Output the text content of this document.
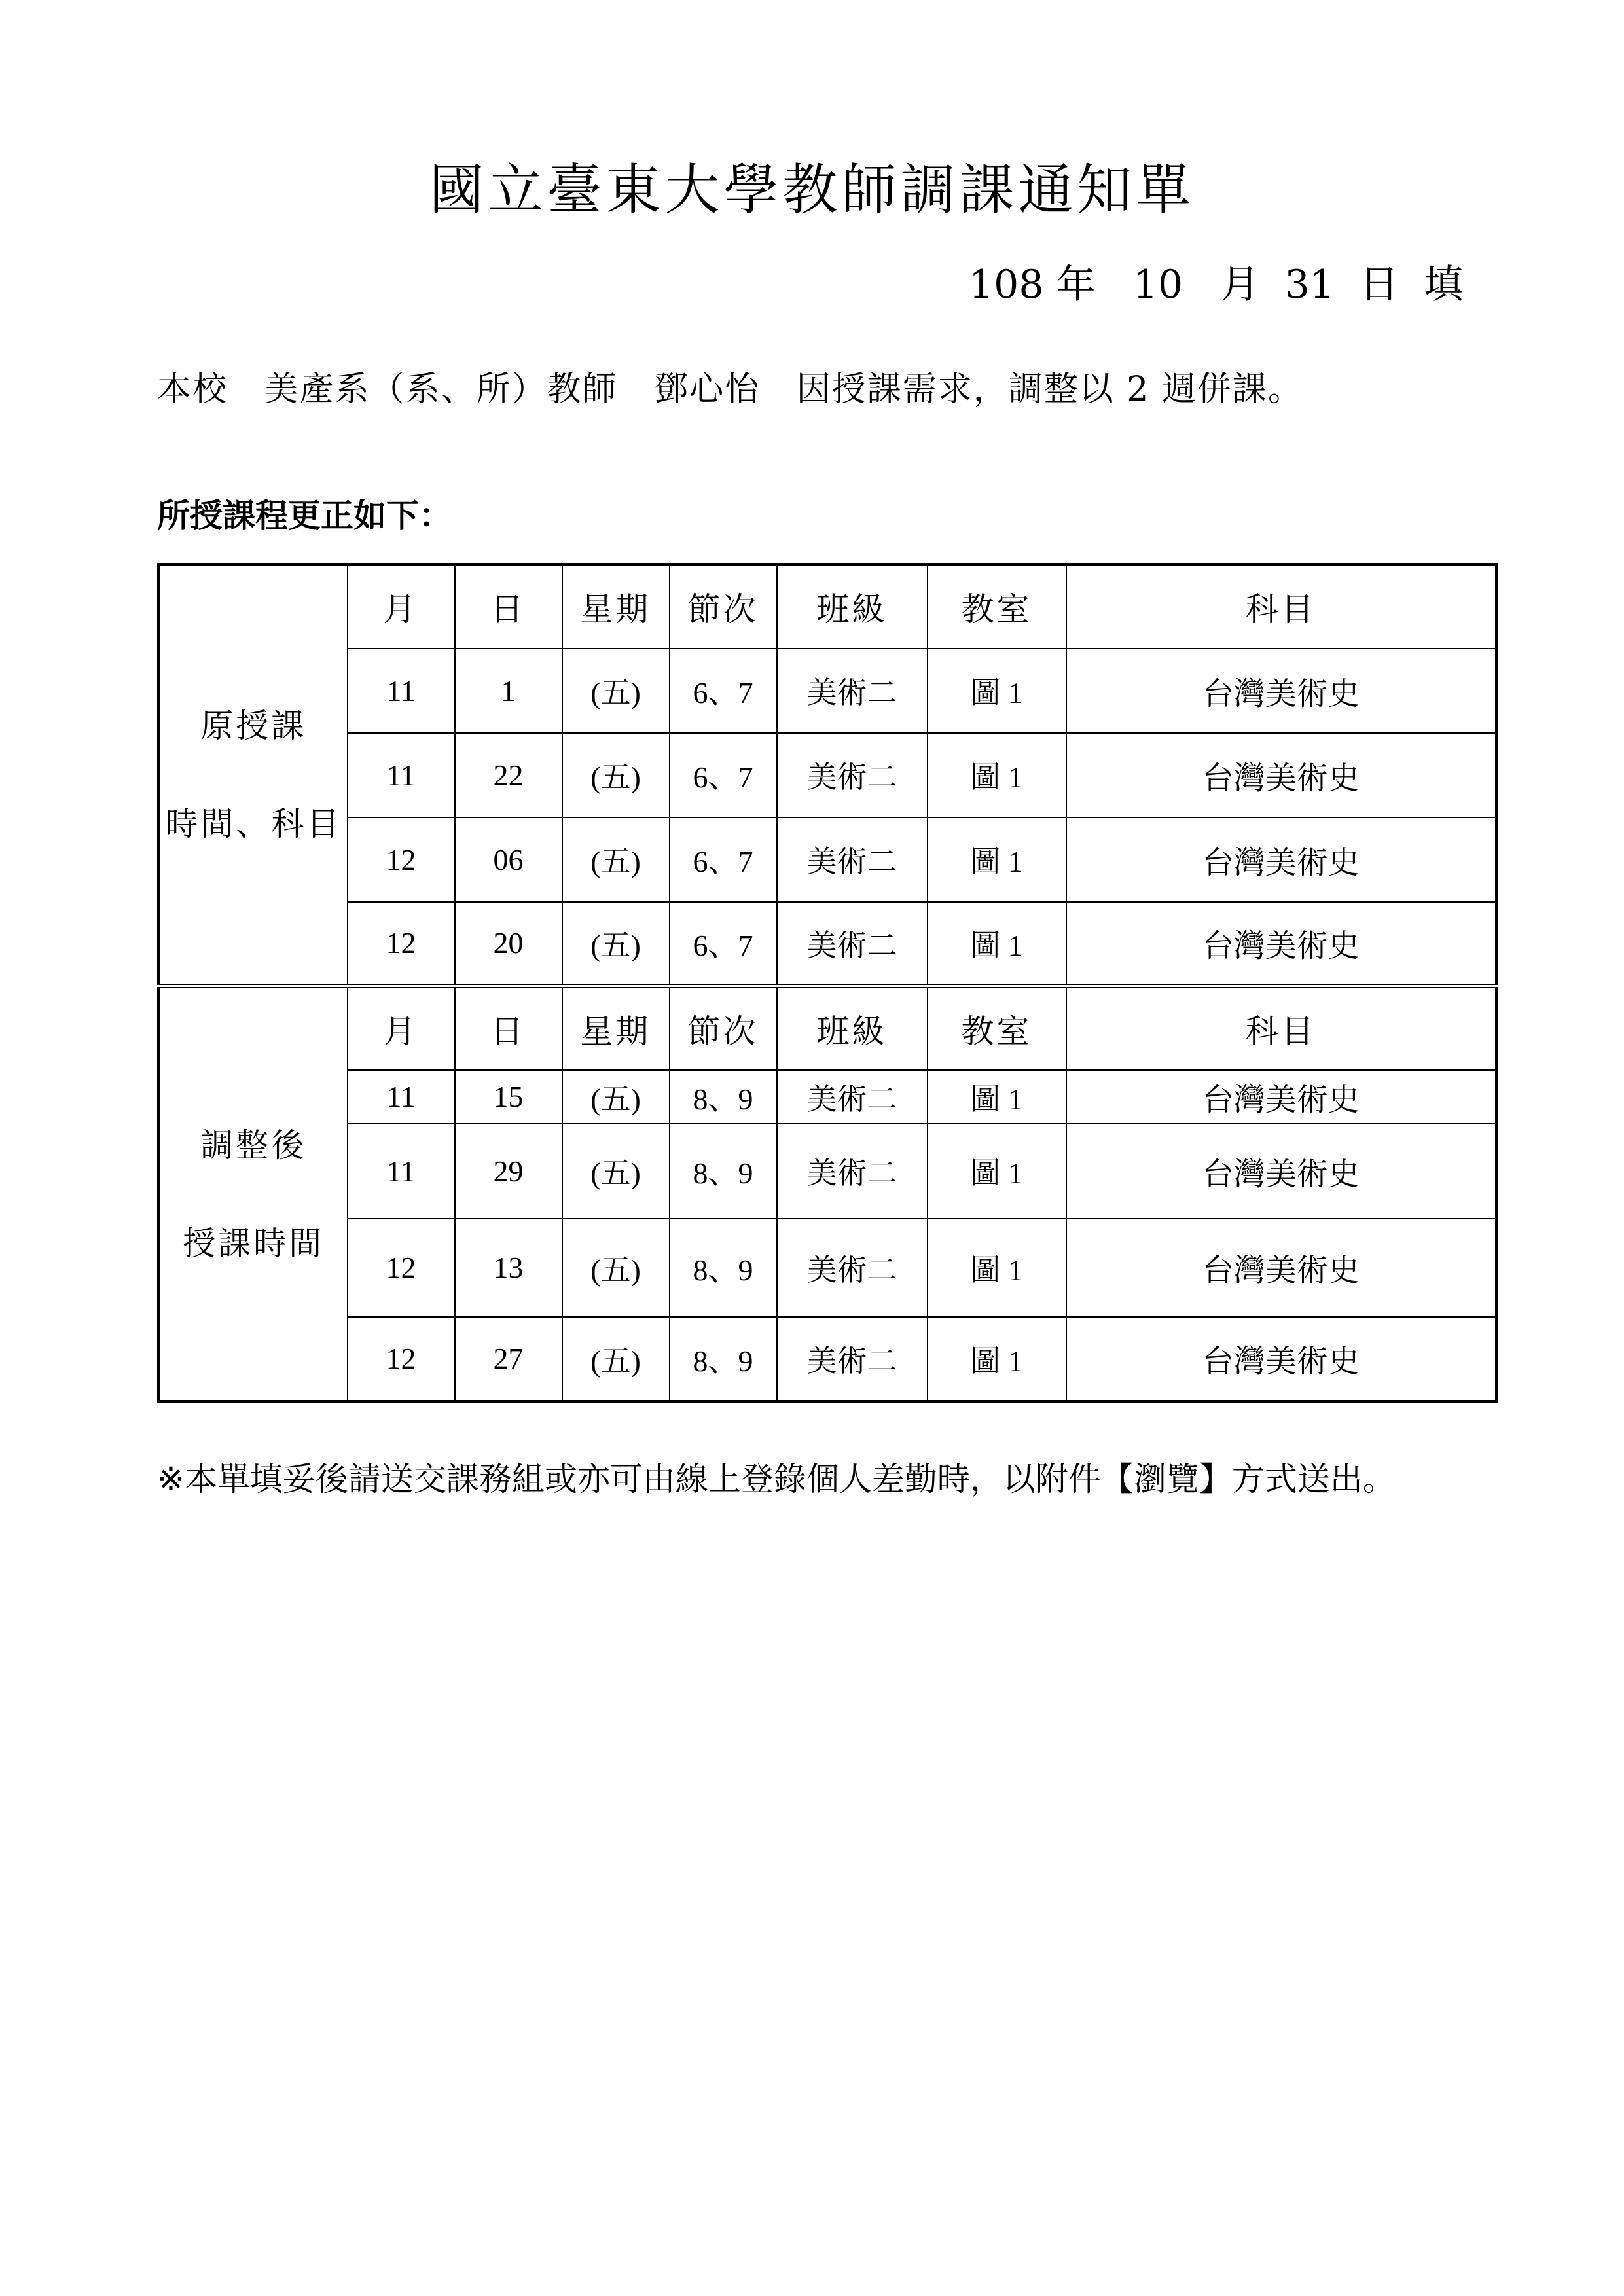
國立臺東大學教師調課通知單
108 年   10   月  31  日  填
本校   美產系（系、所）教師   鄧心怡   因授課需求，調整以 2 週併課。
所授課程更正如下：
原授課
時間、科目	月	日	星期	節次	班級	教室	科目
	11	1	(五)	6、7	美術二	圖 1	台灣美術史
	11	22	(五)	6、7	美術二	圖 1	台灣美術史
	12	06	(五)	6、7	美術二	圖 1	台灣美術史
	12	20	(五)	6、7	美術二	圖 1	台灣美術史

調整後
授課時間	月	日	星期	節次	班級	教室	科目
	11	15	(五)	8、9	美術二	圖 1	台灣美術史
	11	29	(五)	8、9	美術二	圖 1	台灣美術史
	12	13	(五)	8、9	美術二	圖 1	台灣美術史
	12	27	(五)	8、9	美術二	圖 1	台灣美術史
※本單填妥後請送交課務組或亦可由線上登錄個人差勤時，以附件【瀏覽】方式送出。
